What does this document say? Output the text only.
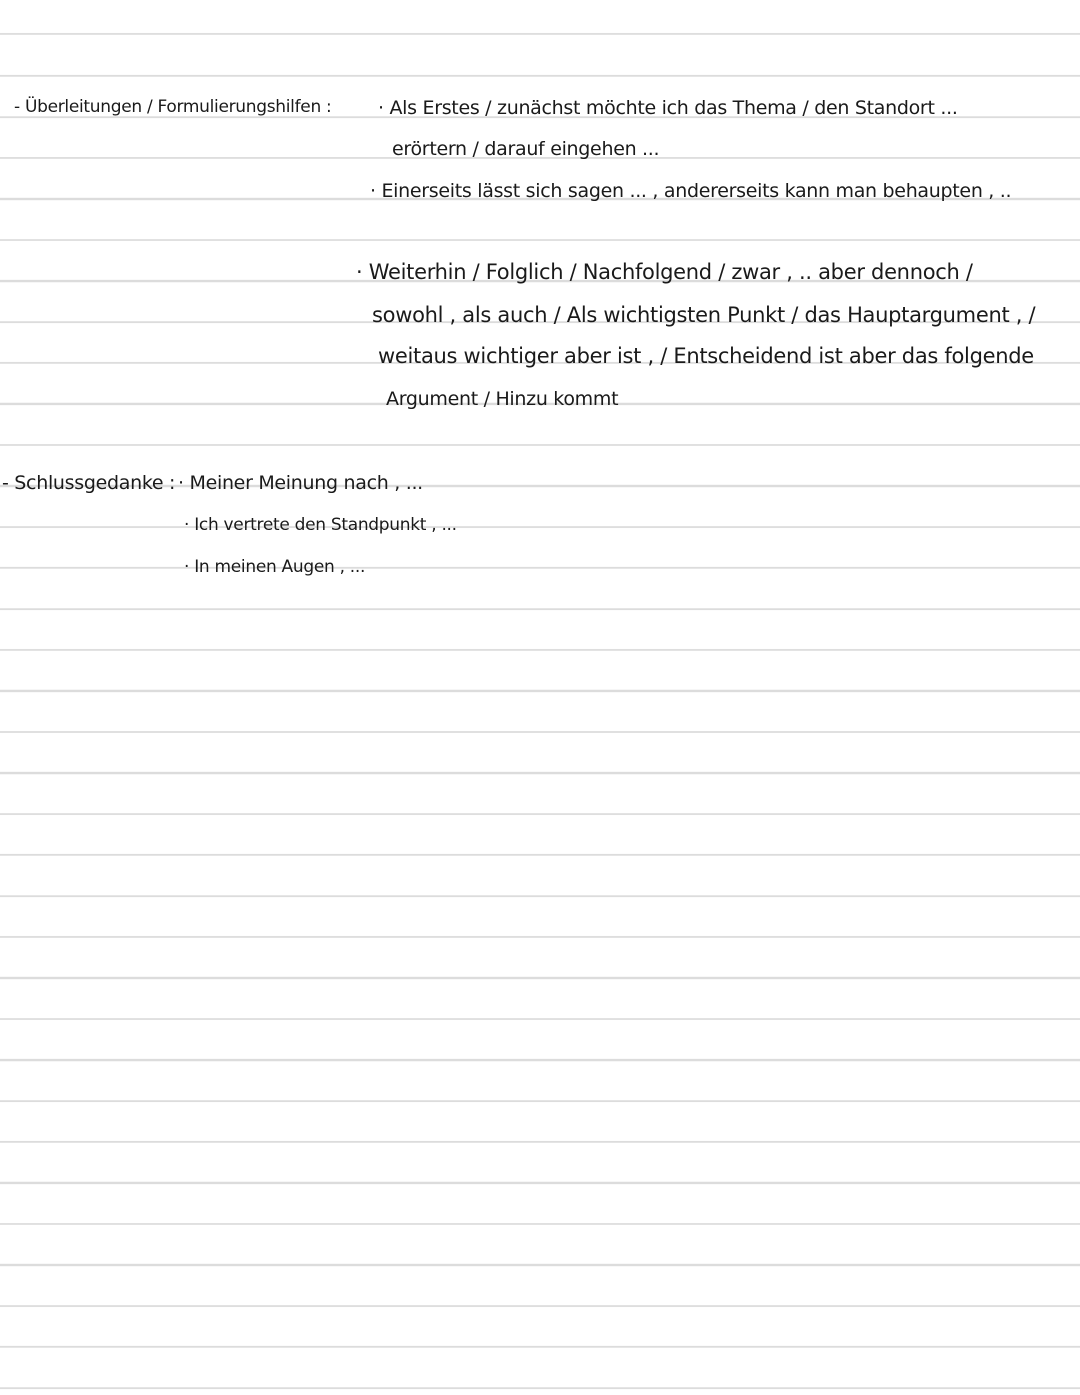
- Überleitungen / Formulierungshilfen : · Als Erstes / zunächst möchte ich das Thema / den Standort ...
erörtern / darauf eingehen ...
· Einerseits lässt sich sagen ... , andererseits kann man behaupten , ..
· Weiterhin / Folglich / Nachfolgend / zwar , .. aber dennoch /
sowohl , als auch / Als wichtigsten Punkt / das Hauptargument , /
weitaus wichtiger aber ist , / Entscheidend ist aber das folgende
Argument / Hinzu kommt
- Schlussgedanke : · Meiner Meinung nach , ...
· Ich vertrete den Standpunkt , ...
· In meinen Augen , ...
